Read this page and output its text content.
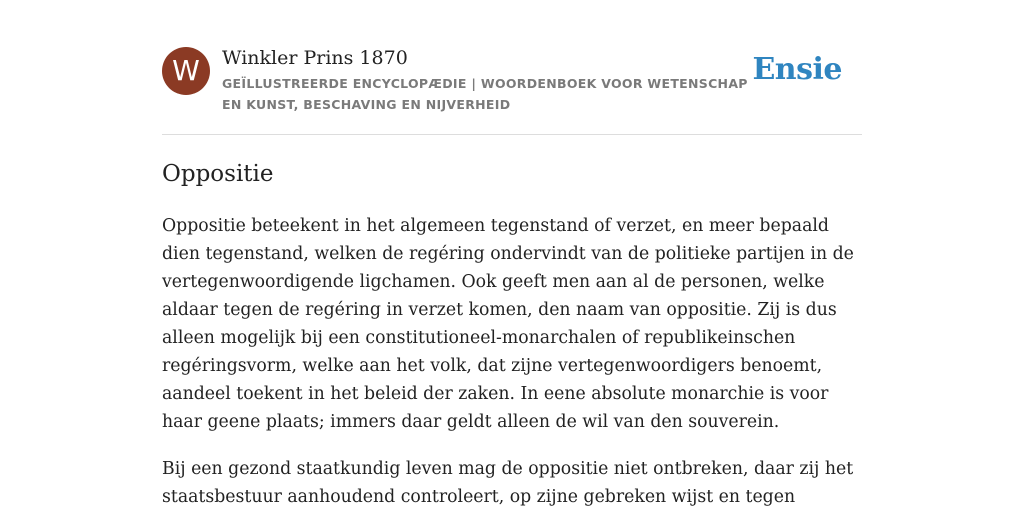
W	Winkler Prins 1870
GEÏLLUSTREERDE ENCYCLOPÆDIE | WOORDENBOEK VOOR WETENSCHAP EN KUNST, BESCHAVING EN NIJVERHEID
Ensie
Oppositie

Oppositie beteekent in het algemeen tegenstand of verzet, en meer bepaald dien tegenstand, welken de regéring ondervindt van de politieke partijen in de vertegenwoordigende ligchamen. Ook geeft men aan al de personen, welke aldaar tegen de regéring in verzet komen, den naam van oppositie. Zij is dus alleen mogelijk bij een constitutioneel-monarchalen of republikeinschen regéringsvorm, welke aan het volk, dat zijne vertegenwoordigers benoemt, aandeel toekent in het beleid der zaken. In eene absolute monarchie is voor haar geene plaats; immers daar geldt alleen de wil van den souverein.

Bij een gezond staatkundig leven mag de oppositie niet ontbreken, daar zij het staatsbestuur aanhoudend controleert, op zijne gebreken wijst en tegen
